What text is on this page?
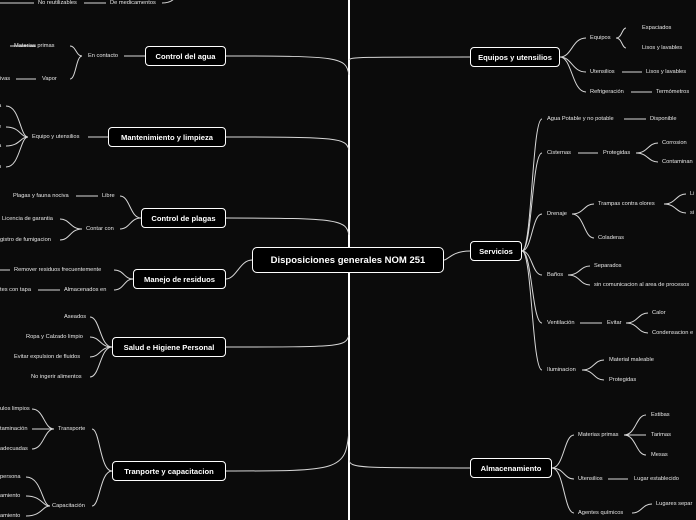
Disposiciones generales NOM 251
Control del agua
Mantenimiento y limpieza
Control de plagas
Manejo de residuos
Salud e Higiene Personal
Tranporte y capacitacion
Equipos y utensilios
Servicios
Almacenamiento
No reutilizables	De medicamentos
En contacto
Materias primas
Vapor
ivas
Equipo y utensilios
Libre
Plagas y fauna nociva
Contar con
Licencia de garantia
gistro de fumigacion
Remover residuos frecuentemente
Almacenados en
tes con tapa
Aseados
Ropa y Calzado limpio
Evitar expulsion de fluidos
No ingerir alimentos
Transporte
ulos limpios
taminación
adecuadas
Capacitación
persona
amiento
amiento
Equipos
Espaciados
Lisos y lavables
Utensilios	Lisos y lavables
Refrigeración	Termómetros
Agua Potable y no potable	Disponible
Cisternas	Protegidas
Corrosion
Contaminan
Drenaje
Trampas contra olores
Li
si
Coladeras
Baños
Separados
sin comunicacion al area de procesos
Ventilación	Evitar
Calor
Condensacion e
Iluminacion
Material maleable
Protegidas
Materias primas
Estibas
Tarimas
Mesas
Utensilios	Lugar establecido
Agentes químicos
Lugares separ
